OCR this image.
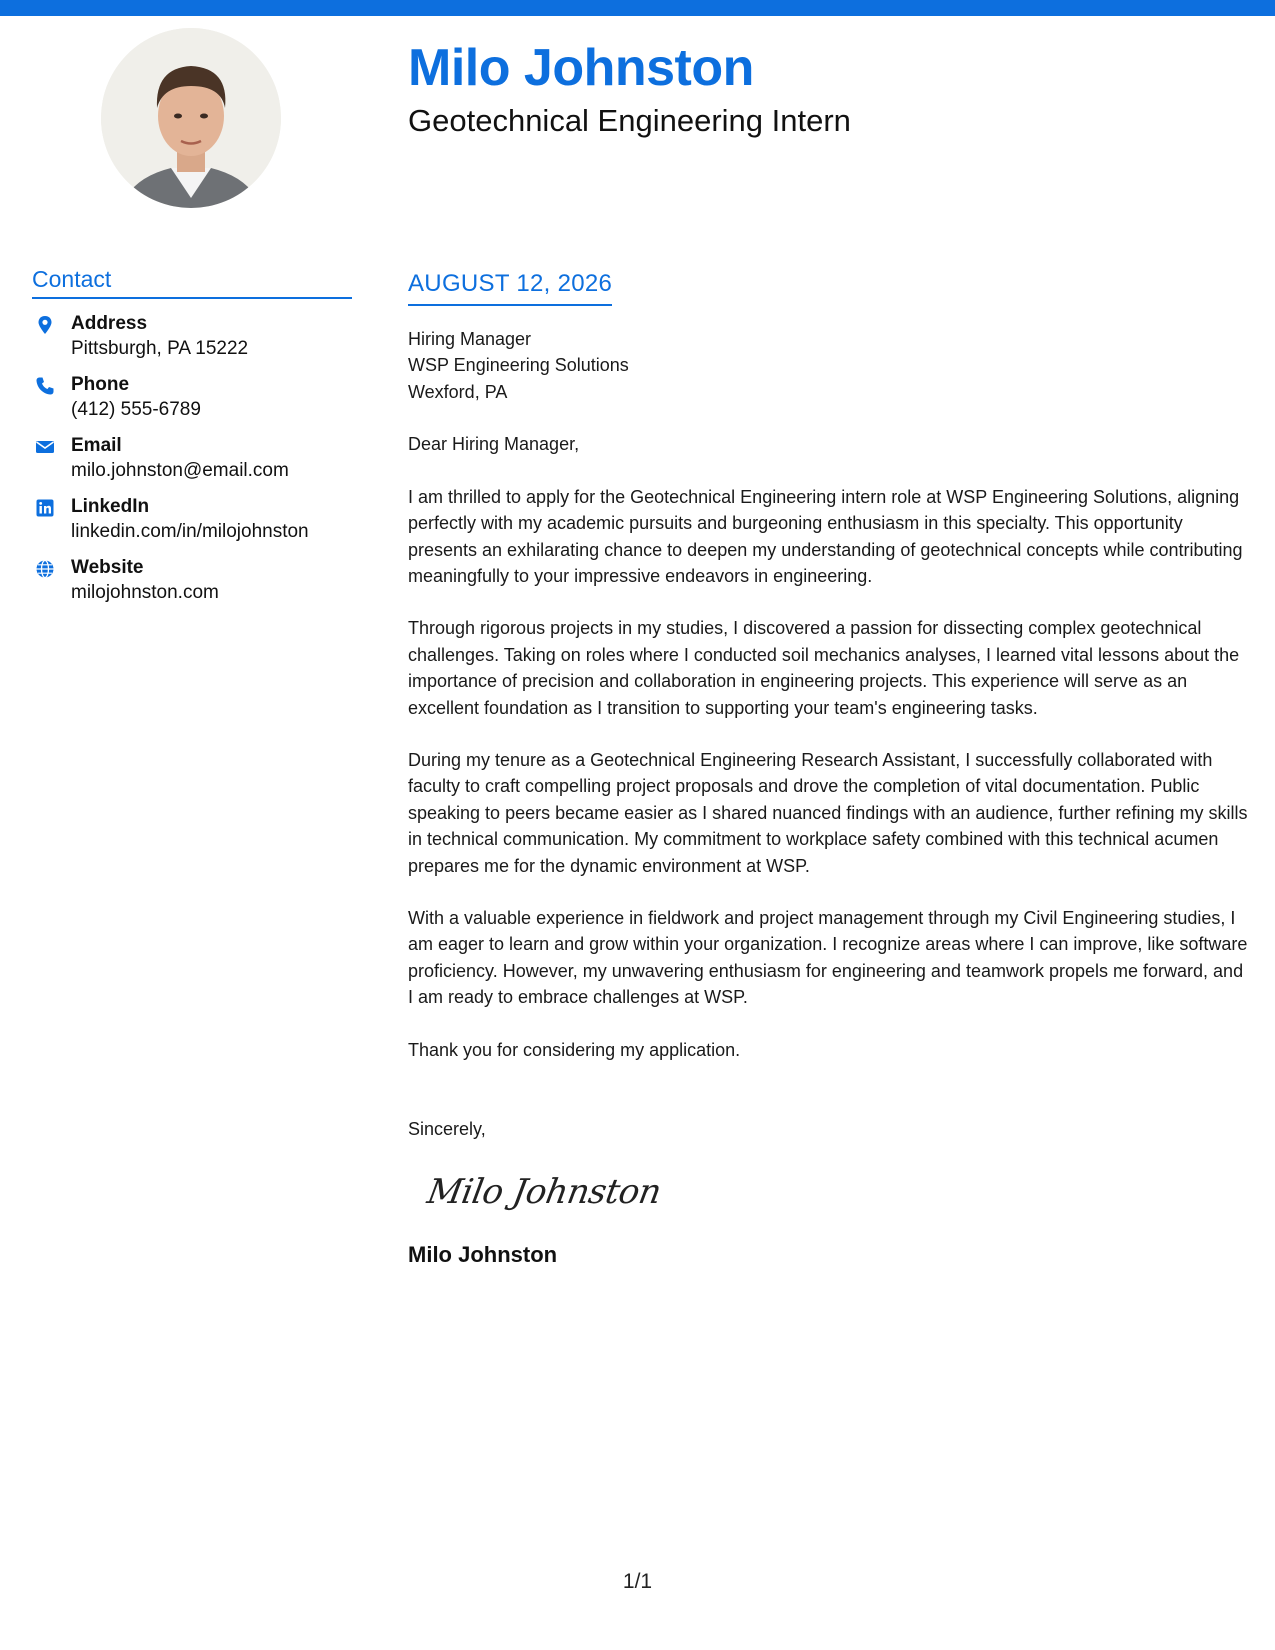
Milo Johnston
Geotechnical Engineering Intern
Contact
Address
Pittsburgh, PA 15222
Phone
(412) 555-6789
Email
milo.johnston@email.com
LinkedIn
linkedin.com/in/milojohnston
Website
milojohnston.com
AUGUST 12, 2026
Hiring Manager
WSP Engineering Solutions
Wexford, PA

Dear Hiring Manager,

I am thrilled to apply for the Geotechnical Engineering intern role at WSP Engineering Solutions, aligning perfectly with my academic pursuits and burgeoning enthusiasm in this specialty. This opportunity presents an exhilarating chance to deepen my understanding of geotechnical concepts while contributing meaningfully to your impressive endeavors in engineering.

Through rigorous projects in my studies, I discovered a passion for dissecting complex geotechnical challenges. Taking on roles where I conducted soil mechanics analyses, I learned vital lessons about the importance of precision and collaboration in engineering projects. This experience will serve as an excellent foundation as I transition to supporting your team's engineering tasks.

During my tenure as a Geotechnical Engineering Research Assistant, I successfully collaborated with faculty to craft compelling project proposals and drove the completion of vital documentation. Public speaking to peers became easier as I shared nuanced findings with an audience, further refining my skills in technical communication. My commitment to workplace safety combined with this technical acumen prepares me for the dynamic environment at WSP.

With a valuable experience in fieldwork and project management through my Civil Engineering studies, I am eager to learn and grow within your organization. I recognize areas where I can improve, like software proficiency. However, my unwavering enthusiasm for engineering and teamwork propels me forward, and I am ready to embrace challenges at WSP.

Thank you for considering my application.

Sincerely,

Milo Johnston
Milo Johnston
1/1
